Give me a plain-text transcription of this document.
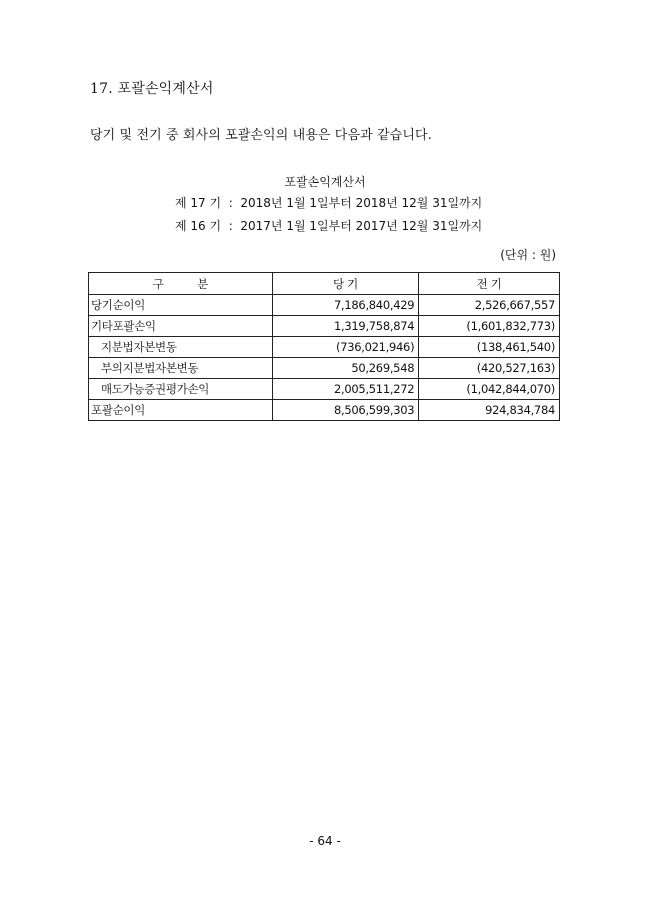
17. 포괄손익계산서
당기 및 전기 중 회사의 포괄손익의 내용은 다음과 같습니다.
포괄손익계산서
제 17 기  :  2018년 1월 1일부터 2018년 12월 31일까지
제 16 기  :  2017년 1월 1일부터 2017년 12월 31일까지
(단위 : 원)
구          분	당 기	전 기
당기순이익	7,186,840,429	2,526,667,557
기타포괄손익	1,319,758,874	(1,601,832,773)
지분법자본변동	(736,021,946)	(138,461,540)
부의지분법자본변동	50,269,548	(420,527,163)
매도가능증권평가손익	2,005,511,272	(1,042,844,070)
포괄순이익	8,506,599,303	924,834,784
- 64 -
